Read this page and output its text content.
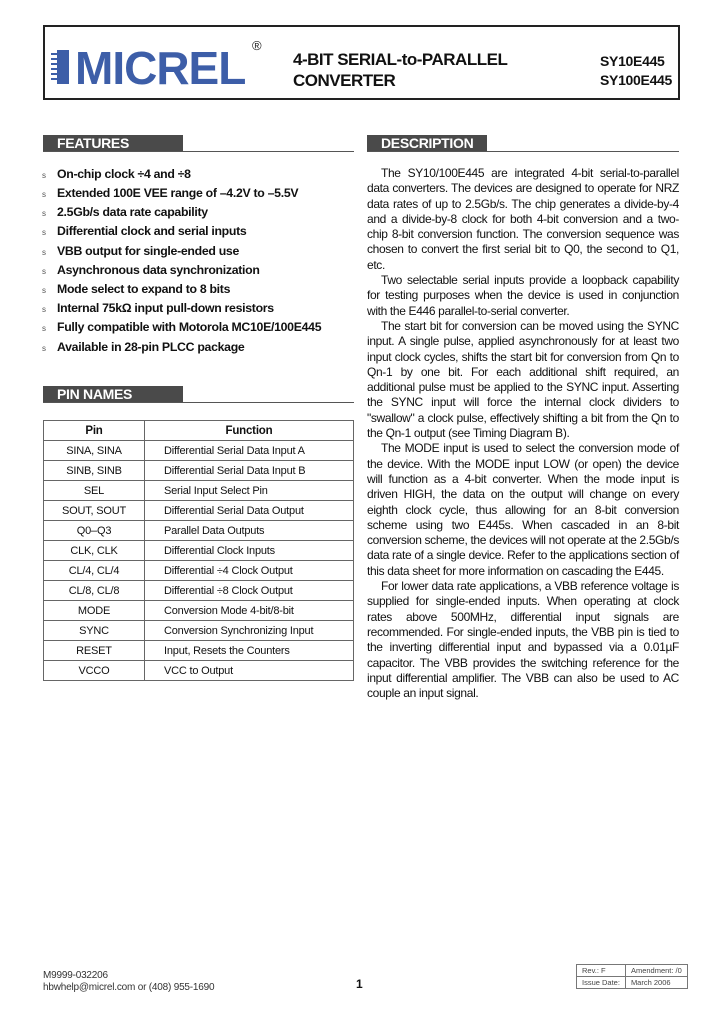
MICREL ®
4-BIT SERIAL-to-PARALLEL
CONVERTER
SY10E445
SY100E445
FEATURES
s On-chip clock ÷4 and ÷8
s Extended 100E VEE range of –4.2V to –5.5V
s 2.5Gb/s data rate capability
s Differential clock and serial inputs
s VBB output for single-ended use
s Asynchronous data synchronization
s Mode select to expand to 8 bits
s Internal 75kΩ input pull-down resistors
s Fully compatible with Motorola MC10E/100E445
s Available in 28-pin PLCC package
PIN NAMES
Pin	Function
SINA, SINA	Differential Serial Data Input A
SINB, SINB	Differential Serial Data Input B
SEL	Serial Input Select Pin
SOUT, SOUT	Differential Serial Data Output
Q0–Q3	Parallel Data Outputs
CLK, CLK	Differential Clock Inputs
CL/4, CL/4	Differential ÷4 Clock Output
CL/8, CL/8	Differential ÷8 Clock Output
MODE	Conversion Mode 4-bit/8-bit
SYNC	Conversion Synchronizing Input
RESET	Input, Resets the Counters
VCCO	VCC to Output
DESCRIPTION

The SY10/100E445 are integrated 4-bit serial-to-parallel data converters. The devices are designed to operate for NRZ data rates of up to 2.5Gb/s. The chip generates a divide-by-4 and a divide-by-8 clock for both 4-bit conversion and a two-chip 8-bit conversion function. The conversion sequence was chosen to convert the first serial bit to Q0, the second to Q1, etc.

Two selectable serial inputs provide a loopback capability for testing purposes when the device is used in conjunction with the E446 parallel-to-serial converter.

The start bit for conversion can be moved using the SYNC input. A single pulse, applied asynchronously for at least two input clock cycles, shifts the start bit for conversion from Qn to Qn-1 by one bit. For each additional shift required, an additional pulse must be applied to the SYNC input. Asserting the SYNC input will force the internal clock dividers to "swallow" a clock pulse, effectively shifting a bit from the Qn to the Qn-1 output (see Timing Diagram B).

The MODE input is used to select the conversion mode of the device. With the MODE input LOW (or open) the device will function as a 4-bit converter. When the mode input is driven HIGH, the data on the output will change on every eighth clock cycle, thus allowing for an 8-bit conversion scheme using two E445s. When cascaded in an 8-bit conversion scheme, the devices will not operate at the 2.5Gb/s data rate of a single device. Refer to the applications section of this data sheet for more information on cascading the E445.

For lower data rate applications, a VBB reference voltage is supplied for single-ended inputs. When operating at clock rates above 500MHz, differential input signals are recommended. For single-ended inputs, the VBB pin is tied to the inverting differential input and bypassed via a 0.01µF capacitor. The VBB provides the switching reference for the input differential amplifier. The VBB can also be used to AC couple an input signal.

M9999-032206
hbwhelp@micrel.com or (408) 955-1690	1
Rev.: F	Amendment: /0
Issue Date:	March 2006
